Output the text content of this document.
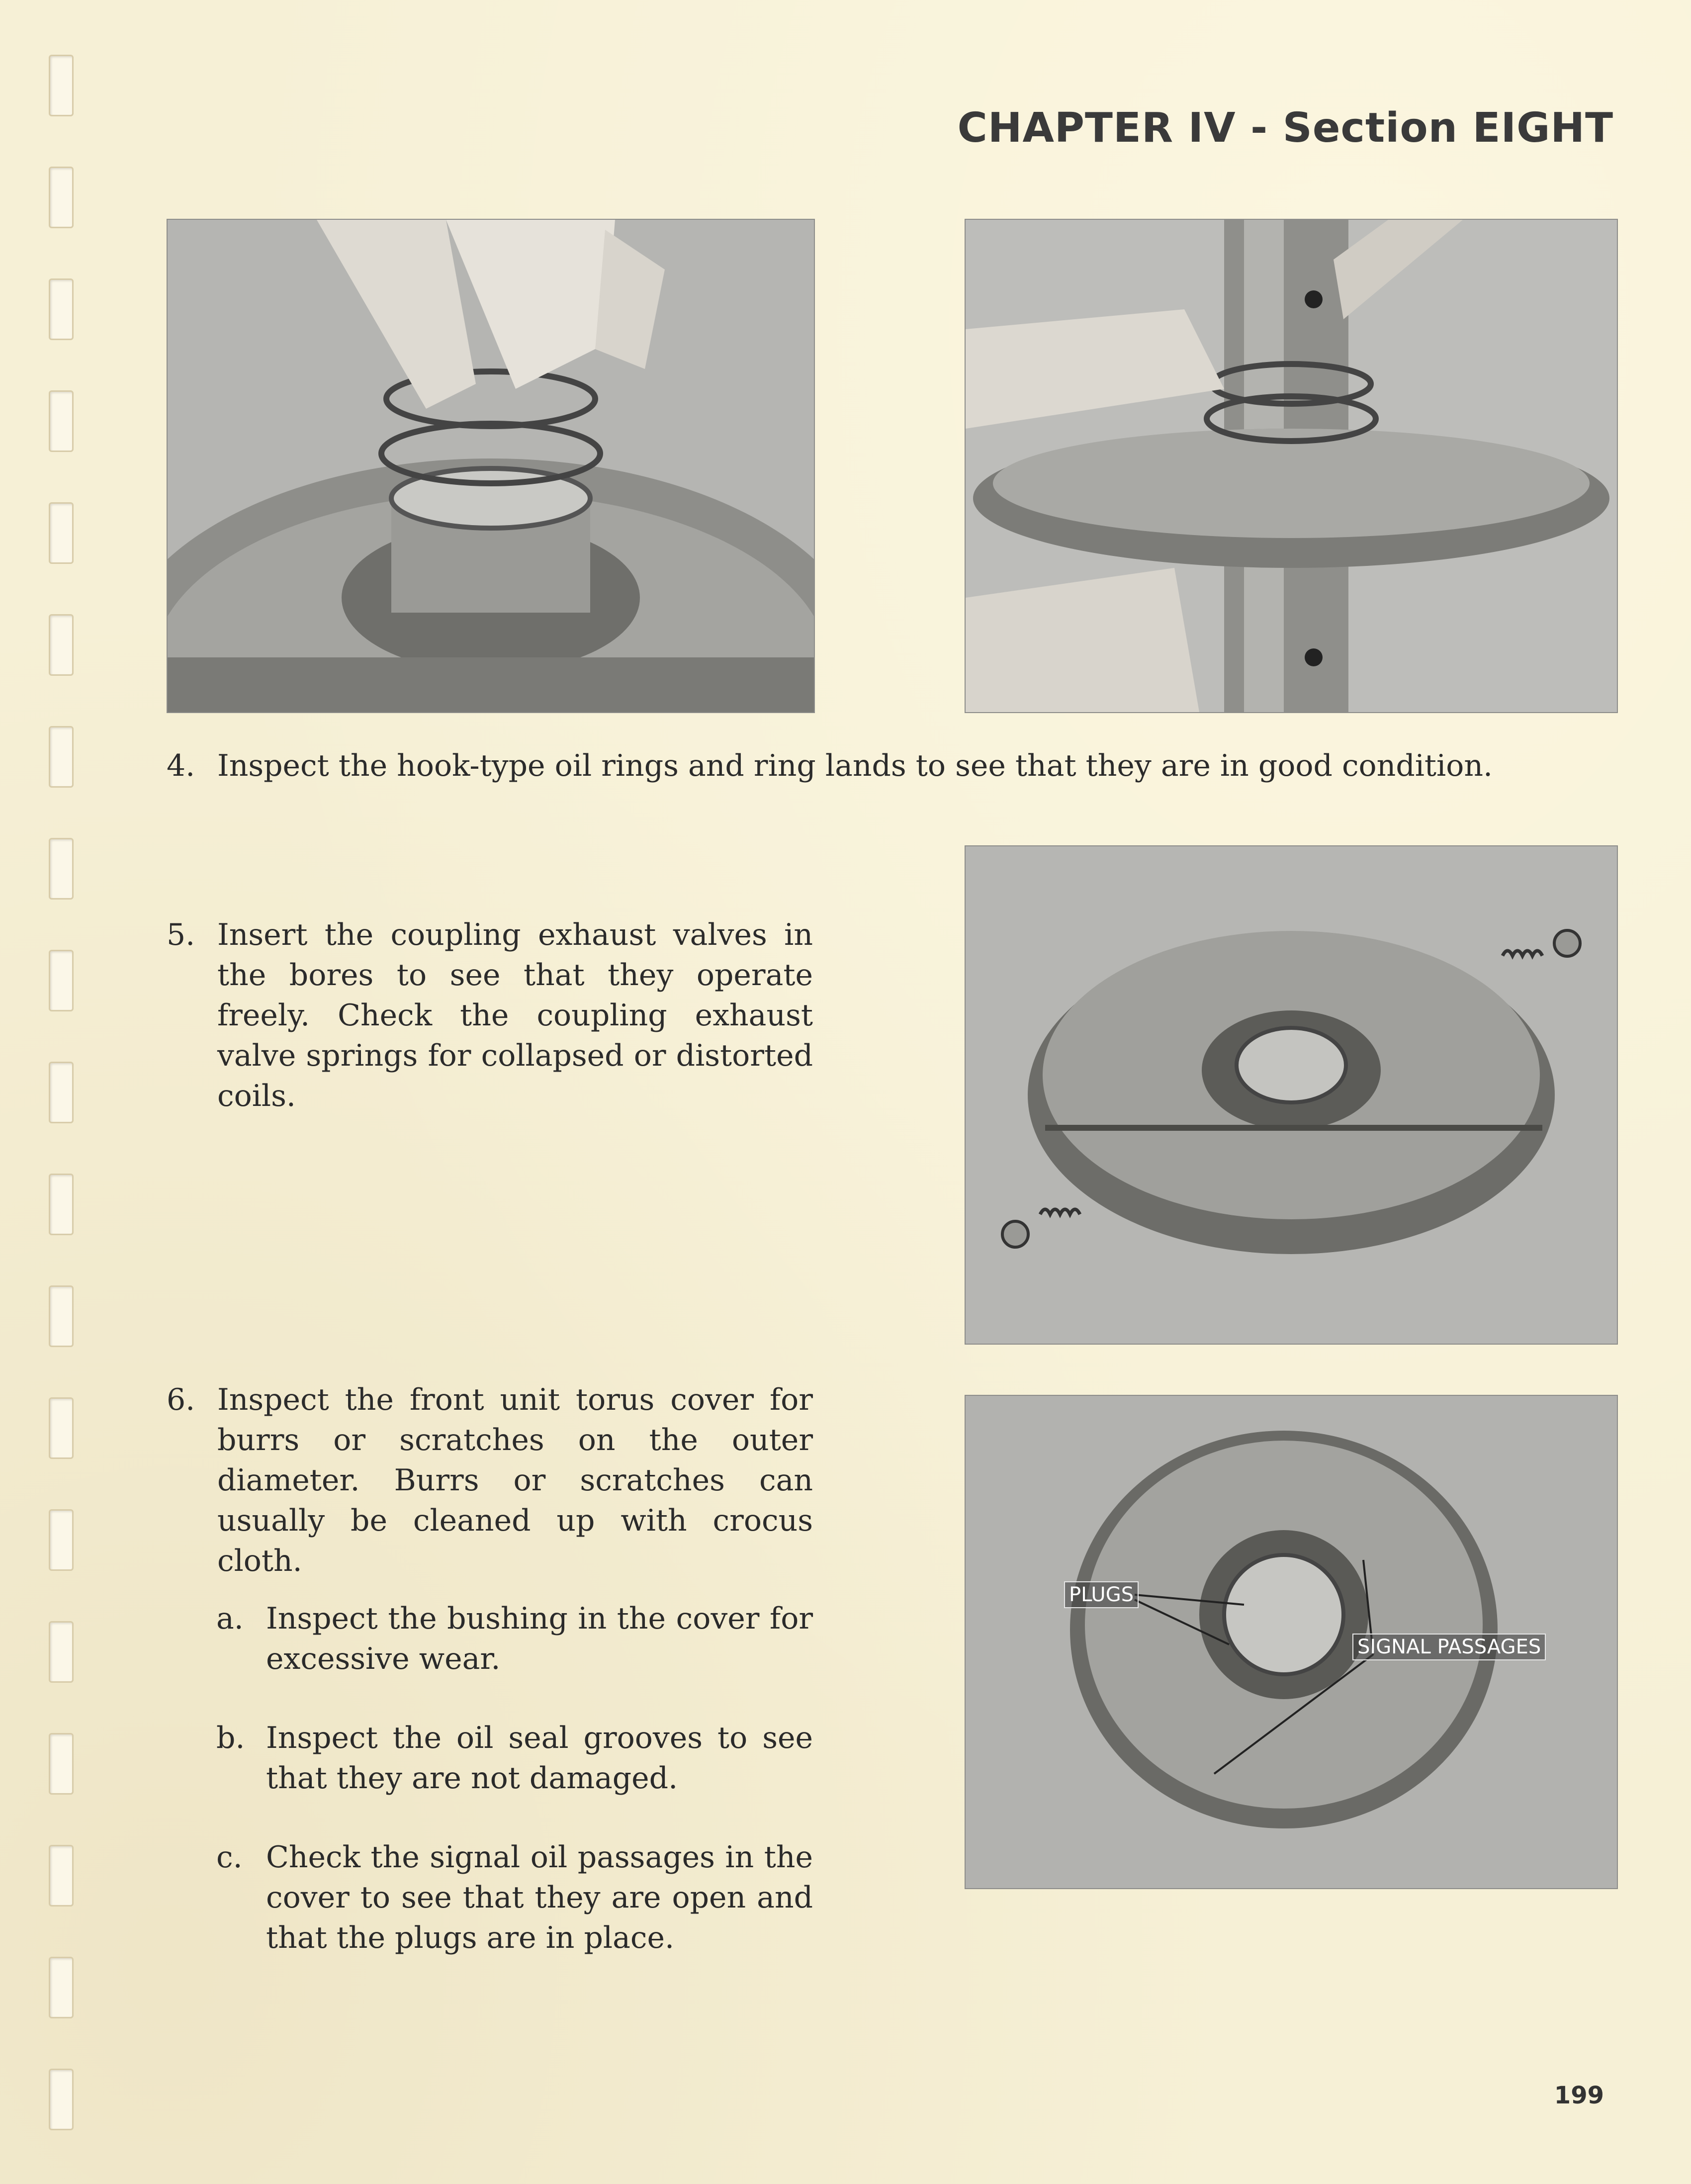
CHAPTER IV - Section EIGHT
PLUGS
SIGNAL PASSAGES
4. Inspect the hook-type oil rings and ring lands to see that they are in good condition.
5. Insert the coupling exhaust valves in the bores to see that they operate freely. Check the coupling exhaust valve springs for collapsed or distorted coils.
6. Inspect the front unit torus cover for burrs or scratches on the outer diameter. Burrs or scratches can usually be cleaned up with crocus cloth.
a. Inspect the bushing in the cover for excessive wear.
b. Inspect the oil seal grooves to see that they are not damaged.
c. Check the signal oil passages in the cover to see that they are open and that the plugs are in place.
199
